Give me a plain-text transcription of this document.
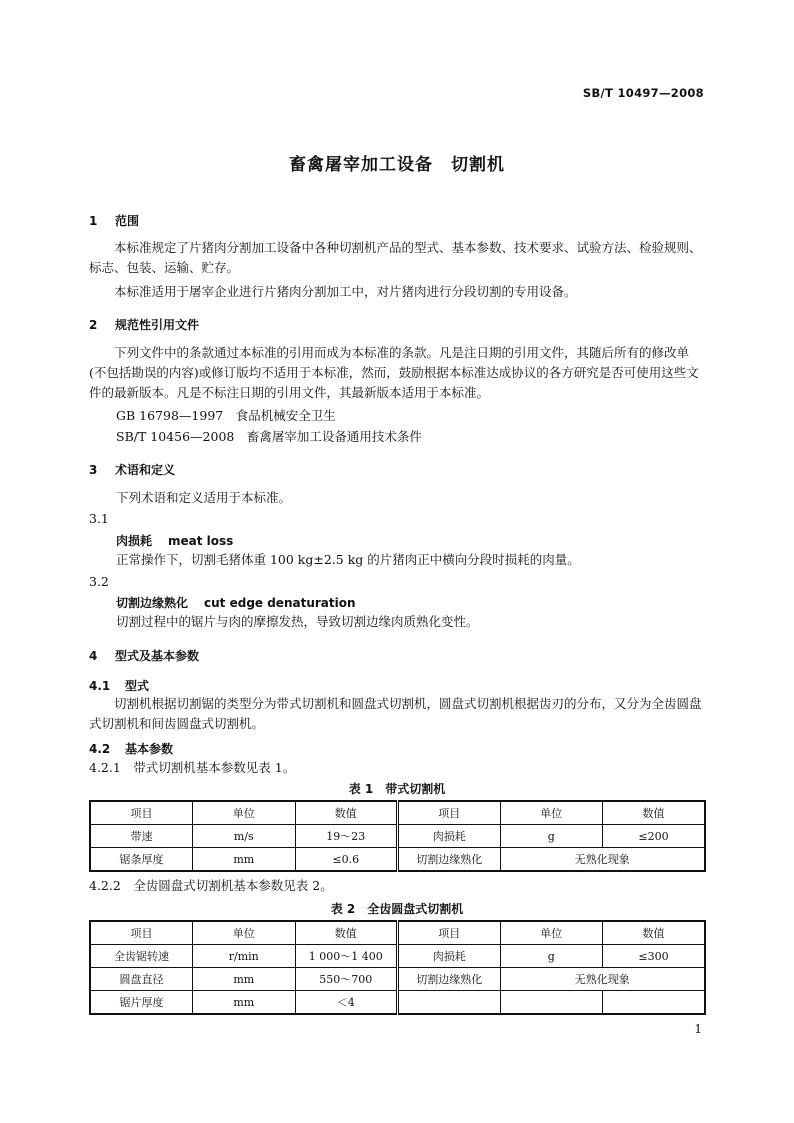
SB/T 10497—2008
畜禽屠宰加工设备　切割机
1 范围
本标准规定了片猪肉分割加工设备中各种切割机产品的型式、基本参数、技术要求、试验方法、检验规则、标志、包装、运输、贮存。
本标准适用于屠宰企业进行片猪肉分割加工中，对片猪肉进行分段切割的专用设备。
2 规范性引用文件
下列文件中的条款通过本标准的引用而成为本标准的条款。凡是注日期的引用文件，其随后所有的修改单(不包括勘误的内容)或修订版均不适用于本标准，然而，鼓励根据本标准达成协议的各方研究是否可使用这些文件的最新版本。凡是不标注日期的引用文件，其最新版本适用于本标准。
GB 16798—1997　食品机械安全卫生
SB/T 10456—2008　畜禽屠宰加工设备通用技术条件
3 术语和定义
下列术语和定义适用于本标准。
3.1
肉损耗 meat loss
正常操作下，切割毛猪体重 100 kg±2.5 kg 的片猪肉正中横向分段时损耗的肉量。
3.2
切割边缘熟化 cut edge denaturation
切割过程中的锯片与肉的摩擦发热，导致切割边缘肉质熟化变性。
4 型式及基本参数
4.1 型式
切割机根据切割锯的类型分为带式切割机和圆盘式切割机，圆盘式切割机根据齿刃的分布，又分为全齿圆盘式切割机和间齿圆盘式切割机。
4.2 基本参数
4.2.1　带式切割机基本参数见表 1。
表 1　带式切割机
项目	单位	数值	项目	单位	数值
带速	m/s	19～23	肉损耗	g	≤200
锯条厚度	mm	≤0.6	切割边缘熟化	无熟化现象	
4.2.2　全齿圆盘式切割机基本参数见表 2。
表 2　全齿圆盘式切割机
项目	单位	数值	项目	单位	数值
全齿锯转速	r/min	1 000～1 400	肉损耗	g	≤300
圆盘直径	mm	550～700	切割边缘熟化	无熟化现象	
锯片厚度	mm	＜4			
1
